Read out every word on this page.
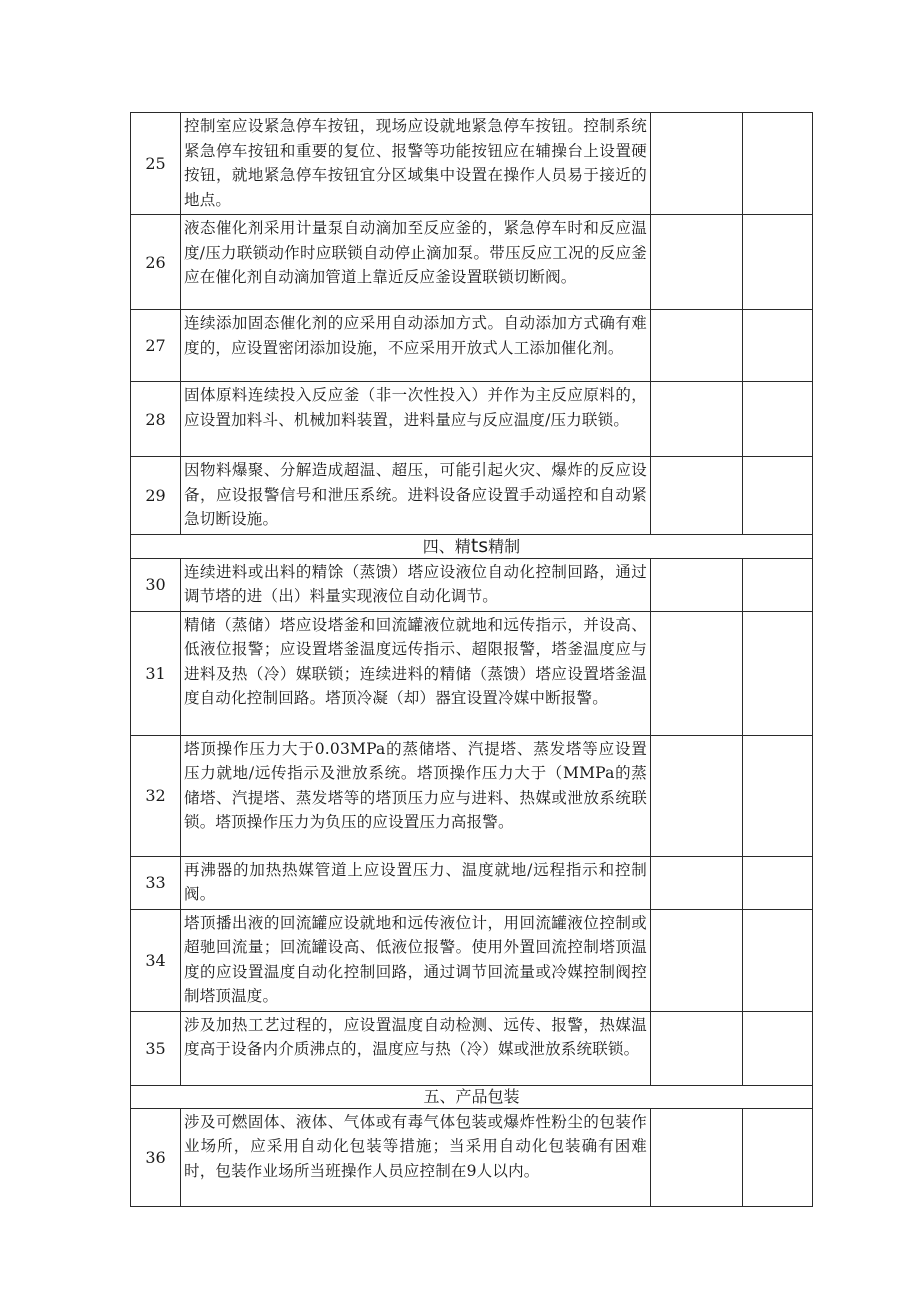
25	控制室应设紧急停车按钮，现场应设就地紧急停车按钮。控制系统紧急停车按钮和重要的复位、报警等功能按钮应在辅操台上设置硬按钮，就地紧急停车按钮宜分区域集中设置在操作人员易于接近的地点。		
26	液态催化剂采用计量泵自动滴加至反应釜的，紧急停车时和反应温度/压力联锁动作时应联锁自动停止滴加泵。带压反应工况的反应釜应在催化剂自动滴加管道上靠近反应釜设置联锁切断阀。		
27	连续添加固态催化剂的应采用自动添加方式。自动添加方式确有难度的，应设置密闭添加设施，不应采用开放式人工添加催化剂。		
28	固体原料连续投入反应釜（非一次性投入）并作为主反应原料的，应设置加料斗、机械加料装置，进料量应与反应温度/压力联锁。		
29	因物料爆聚、分解造成超温、超压，可能引起火灾、爆炸的反应设备，应设报警信号和泄压系统。进料设备应设置手动遥控和自动紧急切断设施。		
四、精ts精制			
30	连续进料或出料的精馀（蒸馈）塔应设液位自动化控制回路，通过调节塔的进（出）料量实现液位自动化调节。		
31	精储（蒸储）塔应设塔釜和回流罐液位就地和远传指示，并设高、低液位报警；应设置塔釜温度远传指示、超限报警，塔釜温度应与进料及热（冷）媒联锁；连续进料的精储（蒸馈）塔应设置塔釜温度自动化控制回路。塔顶冷凝（却）器宜设置冷媒中断报警。		
32	塔顶操作压力大于0.03MPa的蒸储塔、汽提塔、蒸发塔等应设置压力就地/远传指示及泄放系统。塔顶操作压力大于（MMPa的蒸储塔、汽提塔、蒸发塔等的塔顶压力应与进料、热媒或泄放系统联锁。塔顶操作压力为负压的应设置压力高报警。		
33	再沸器的加热热媒管道上应设置压力、温度就地/远程指示和控制阀。		
34	塔顶播出液的回流罐应设就地和远传液位计，用回流罐液位控制或超驰回流量；回流罐设高、低液位报警。使用外置回流控制塔顶温度的应设置温度自动化控制回路，通过调节回流量或冷媒控制阀控制塔顶温度。		
35	涉及加热工艺过程的，应设置温度自动检测、远传、报警，热媒温度高于设备内介质沸点的，温度应与热（冷）媒或泄放系统联锁。		
五、产品包装			
36	涉及可燃固体、液体、气体或有毒气体包装或爆炸性粉尘的包装作业场所，应采用自动化包装等措施；当采用自动化包装确有困难时，包装作业场所当班操作人员应控制在9人以内。		
